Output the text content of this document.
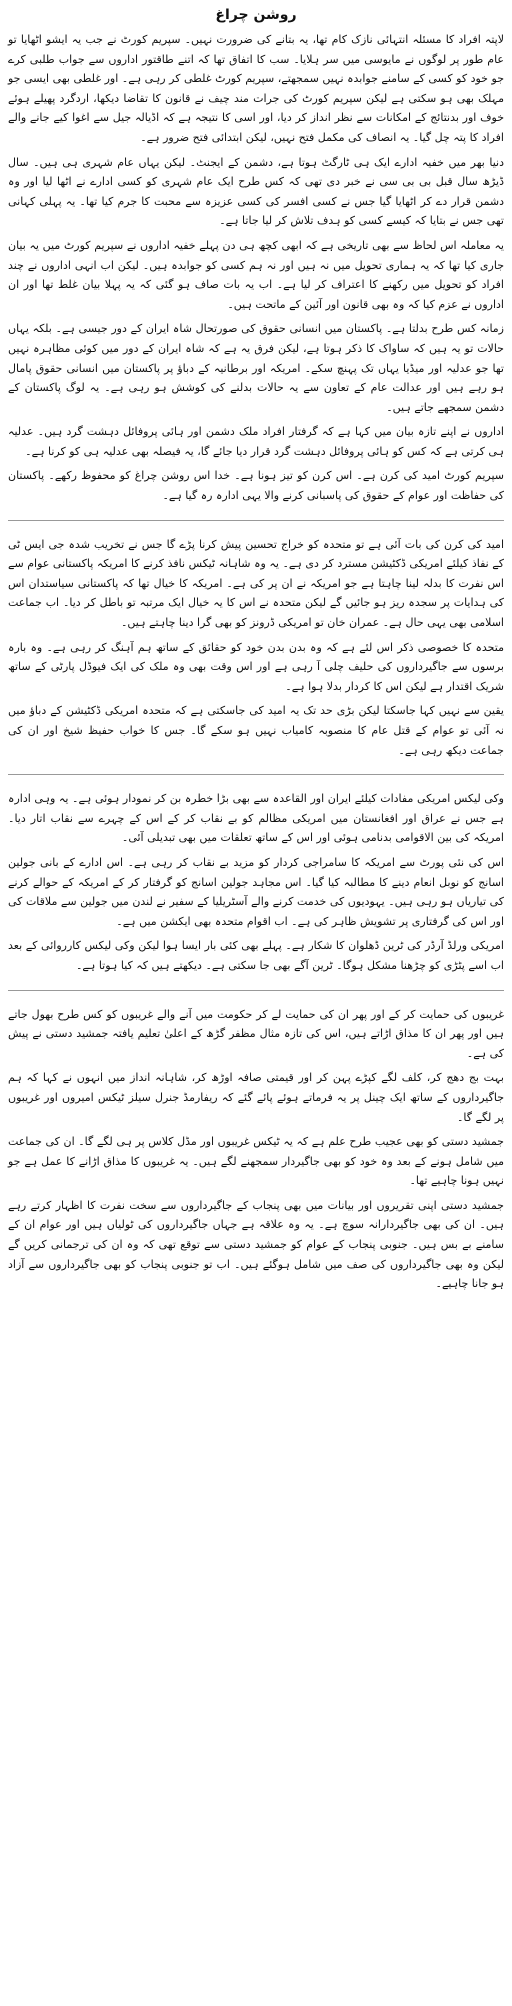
روشن چراغ

لاپتہ افراد کا مسئلہ انتہائی نازک کام تھا، یہ بتانے کی ضرورت نہیں۔ سپریم کورٹ نے جب یہ ایشو اٹھایا تو عام طور پر لوگوں نے مایوسی میں سر ہلایا۔ سب کا اتفاق تھا کہ اتنے طاقتور اداروں سے جواب طلبی کرے جو خود کو کسی کے سامنے جوابدہ نہیں سمجھتے، سپریم کورٹ غلطی کر رہی ہے۔ اور غلطی بھی ایسی جو مہلک بھی ہو سکتی ہے لیکن سپریم کورٹ کی جرات مند چیف نے قانون کا تقاضا دیکھا، اردگرد پھیلے ہوئے خوف اور بدنتائج کے امکانات سے نظر انداز کر دیا، اور اسی کا نتیجہ ہے کہ اڈیالہ جیل سے اغوا کیے جانے والے افراد کا پتہ چل گیا۔ یہ انصاف کی مکمل فتح نہیں، لیکن ابتدائی فتح ضرور ہے۔

دنیا بھر میں خفیہ ادارے ایک ہی ٹارگٹ ہوتا ہے، دشمن کے ایجنٹ۔ لیکن یہاں عام شہری ہی ہیں۔ سال ڈیڑھ سال قبل بی بی سی نے خبر دی تھی کہ کس طرح ایک عام شہری کو کسی ادارے نے اٹھا لیا اور وہ دشمن قرار دے کر اٹھایا گیا جس نے کسی افسر کی کسی عزیزہ سے محبت کا جرم کیا تھا۔ یہ پہلی کہانی تھی جس نے بتایا کہ کیسے کسی کو ہدف تلاش کر لیا جاتا ہے۔

یہ معاملہ اس لحاظ سے بھی تاریخی ہے کہ ابھی کچھ ہی دن پہلے خفیہ اداروں نے سپریم کورٹ میں یہ بیان جاری کیا تھا کہ یہ ہماری تحویل میں نہ ہیں اور نہ ہم کسی کو جوابدہ ہیں۔ لیکن اب انہی اداروں نے چند افراد کو تحویل میں رکھنے کا اعتراف کر لیا ہے۔ اب یہ بات صاف ہو گئی کہ یہ پہلا بیان غلط تھا اور ان اداروں نے عزم کیا کہ وہ بھی قانون اور آئین کے ماتحت ہیں۔

زمانہ کس طرح بدلتا ہے۔ پاکستان میں انسانی حقوق کی صورتحال شاہ ایران کے دور جیسی ہے۔ بلکہ یہاں حالات تو یہ ہیں کہ ساواک کا ذکر ہوتا ہے، لیکن فرق یہ ہے کہ شاہ ایران کے دور میں کوئی مظاہرہ نہیں تھا جو عدلیہ اور میڈیا یہاں تک پہنچ سکے۔ امریکہ اور برطانیہ کے دباؤ پر پاکستان میں انسانی حقوق پامال ہو رہے ہیں اور عدالت عام کے تعاون سے یہ حالات بدلنے کی کوشش ہو رہی ہے۔ یہ لوگ پاکستان کے دشمن سمجھے جاتے ہیں۔

اداروں نے اپنے تازہ بیان میں کہا ہے کہ گرفتار افراد ملک دشمن اور ہائی پروفائل دہشت گرد ہیں۔ عدلیہ ہی کرتی ہے کہ کس کو ہائی پروفائل دہشت گرد قرار دیا جائے گا، یہ فیصلہ بھی عدلیہ ہی کو کرنا ہے۔

سپریم کورٹ امید کی کرن ہے۔ اس کرن کو تیز ہونا ہے۔ خدا اس روشن چراغ کو محفوظ رکھے۔ پاکستان کی حفاظت اور عوام کے حقوق کی پاسبانی کرنے والا یہی ادارہ رہ گیا ہے۔

امید کی کرن کی بات آئی ہے تو متحدہ کو خراج تحسین پیش کرنا پڑے گا جس نے تخریب شدہ جی ایس ٹی کے نفاذ کیلئے امریکی ڈکٹیشن مسترد کر دی ہے۔ یہ وہ شاہانہ ٹیکس نافذ کرنے کا امریکہ پاکستانی عوام سے اس نفرت کا بدلہ لینا چاہتا ہے جو امریکہ نے ان پر کی ہے۔ امریکہ کا خیال تھا کہ پاکستانی سیاستدان اس کی ہدایات پر سجدہ ریز ہو جائیں گے لیکن متحدہ نے اس کا یہ خیال ایک مرتبہ تو باطل کر دیا۔ اب جماعت اسلامی بھی یہی حال ہے۔ عمران خان تو امریکی ڈرونز کو بھی گرا دینا چاہتے ہیں۔

متحدہ کا خصوصی ذکر اس لئے ہے کہ وہ بدن بدن خود کو حقائق کے ساتھ ہم آہنگ کر رہی ہے۔ وہ بارہ برسوں سے جاگیرداروں کی حلیف چلی آ رہی ہے اور اس وقت بھی وہ ملک کی ایک فیوڈل پارٹی کے ساتھ شریک اقتدار ہے لیکن اس کا کردار بدلا ہوا ہے۔

یقین سے نہیں کہا جاسکتا لیکن بڑی حد تک یہ امید کی جاسکتی ہے کہ متحدہ امریکی ڈکٹیشن کے دباؤ میں نہ آئی تو عوام کے قتل عام کا منصوبہ کامیاب نہیں ہو سکے گا۔ جس کا خواب حفیظ شیخ اور ان کی جماعت دیکھ رہی ہے۔

وکی لیکس امریکی مفادات کیلئے ایران اور القاعدہ سے بھی بڑا خطرہ بن کر نمودار ہوئی ہے۔ یہ وہی ادارہ ہے جس نے عراق اور افغانستان میں امریکی مظالم کو بے نقاب کر کے اس کے چہرے سے نقاب اتار دیا۔ امریکہ کی بین الاقوامی بدنامی ہوئی اور اس کے ساتھ تعلقات میں بھی تبدیلی آئی۔

اس کی نئی پورٹ سے امریکہ کا سامراجی کردار کو مزید بے نقاب کر رہی ہے۔ اس ادارے کے بانی جولین اسانج کو نوبل انعام دینے کا مطالبہ کیا گیا۔ اس مجاہد جولین اسانج کو گرفتار کر کے امریکہ کے حوالے کرنے کی تیاریاں ہو رہی ہیں۔ یہودیوں کی خدمت کرنے والے آسٹریلیا کے سفیر نے لندن میں جولین سے ملاقات کی اور اس کی گرفتاری پر تشویش ظاہر کی ہے۔ اب اقوام متحدہ بھی ایکشن میں ہے۔

امریکی ورلڈ آرڈر کی ٹرین ڈھلوان کا شکار ہے۔ پہلے بھی کئی بار ایسا ہوا لیکن وکی لیکس کارروائی کے بعد اب اسے پٹڑی کو چڑھنا مشکل ہوگا۔ ٹرین آگے بھی جا سکتی ہے۔ دیکھتے ہیں کہ کیا ہوتا ہے۔

غریبوں کی حمایت کر کے اور پھر ان کی حمایت لے کر حکومت میں آنے والے غریبوں کو کس طرح بھول جاتے ہیں اور پھر ان کا مذاق اڑاتے ہیں، اس کی تازہ مثال مظفر گڑھ کے اعلیٰ تعلیم یافتہ جمشید دستی نے پیش کی ہے۔

بہت بج دھج کر، کلف لگے کپڑے پہن کر اور قیمتی صافہ اوڑھ کر، شاہانہ انداز میں انہوں نے کہا کہ ہم جاگیرداروں کے ساتھ ایک چینل پر یہ فرماتے ہوئے پائے گئے کہ ریفارمڈ جنرل سیلز ٹیکس امیروں اور غریبوں پر لگے گا۔

جمشید دستی کو بھی عجیب طرح علم ہے کہ یہ ٹیکس غریبوں اور مڈل کلاس پر ہی لگے گا۔ ان کی جماعت میں شامل ہونے کے بعد وہ خود کو بھی جاگیردار سمجھنے لگے ہیں۔ یہ غریبوں کا مذاق اڑانے کا عمل ہے جو نہیں ہونا چاہیے تھا۔

جمشید دستی اپنی تقریروں اور بیانات میں بھی پنجاب کے جاگیرداروں سے سخت نفرت کا اظہار کرتے رہے ہیں۔ ان کی بھی جاگیردارانہ سوچ ہے۔ یہ وہ علاقہ ہے جہاں جاگیرداروں کی ٹولیاں ہیں اور عوام ان کے سامنے بے بس ہیں۔ جنوبی پنجاب کے عوام کو جمشید دستی سے توقع تھی کہ وہ ان کی ترجمانی کریں گے لیکن وہ بھی جاگیرداروں کی صف میں شامل ہوگئے ہیں۔ اب تو جنوبی پنجاب کو بھی جاگیرداروں سے آزاد ہو جانا چاہیے۔
